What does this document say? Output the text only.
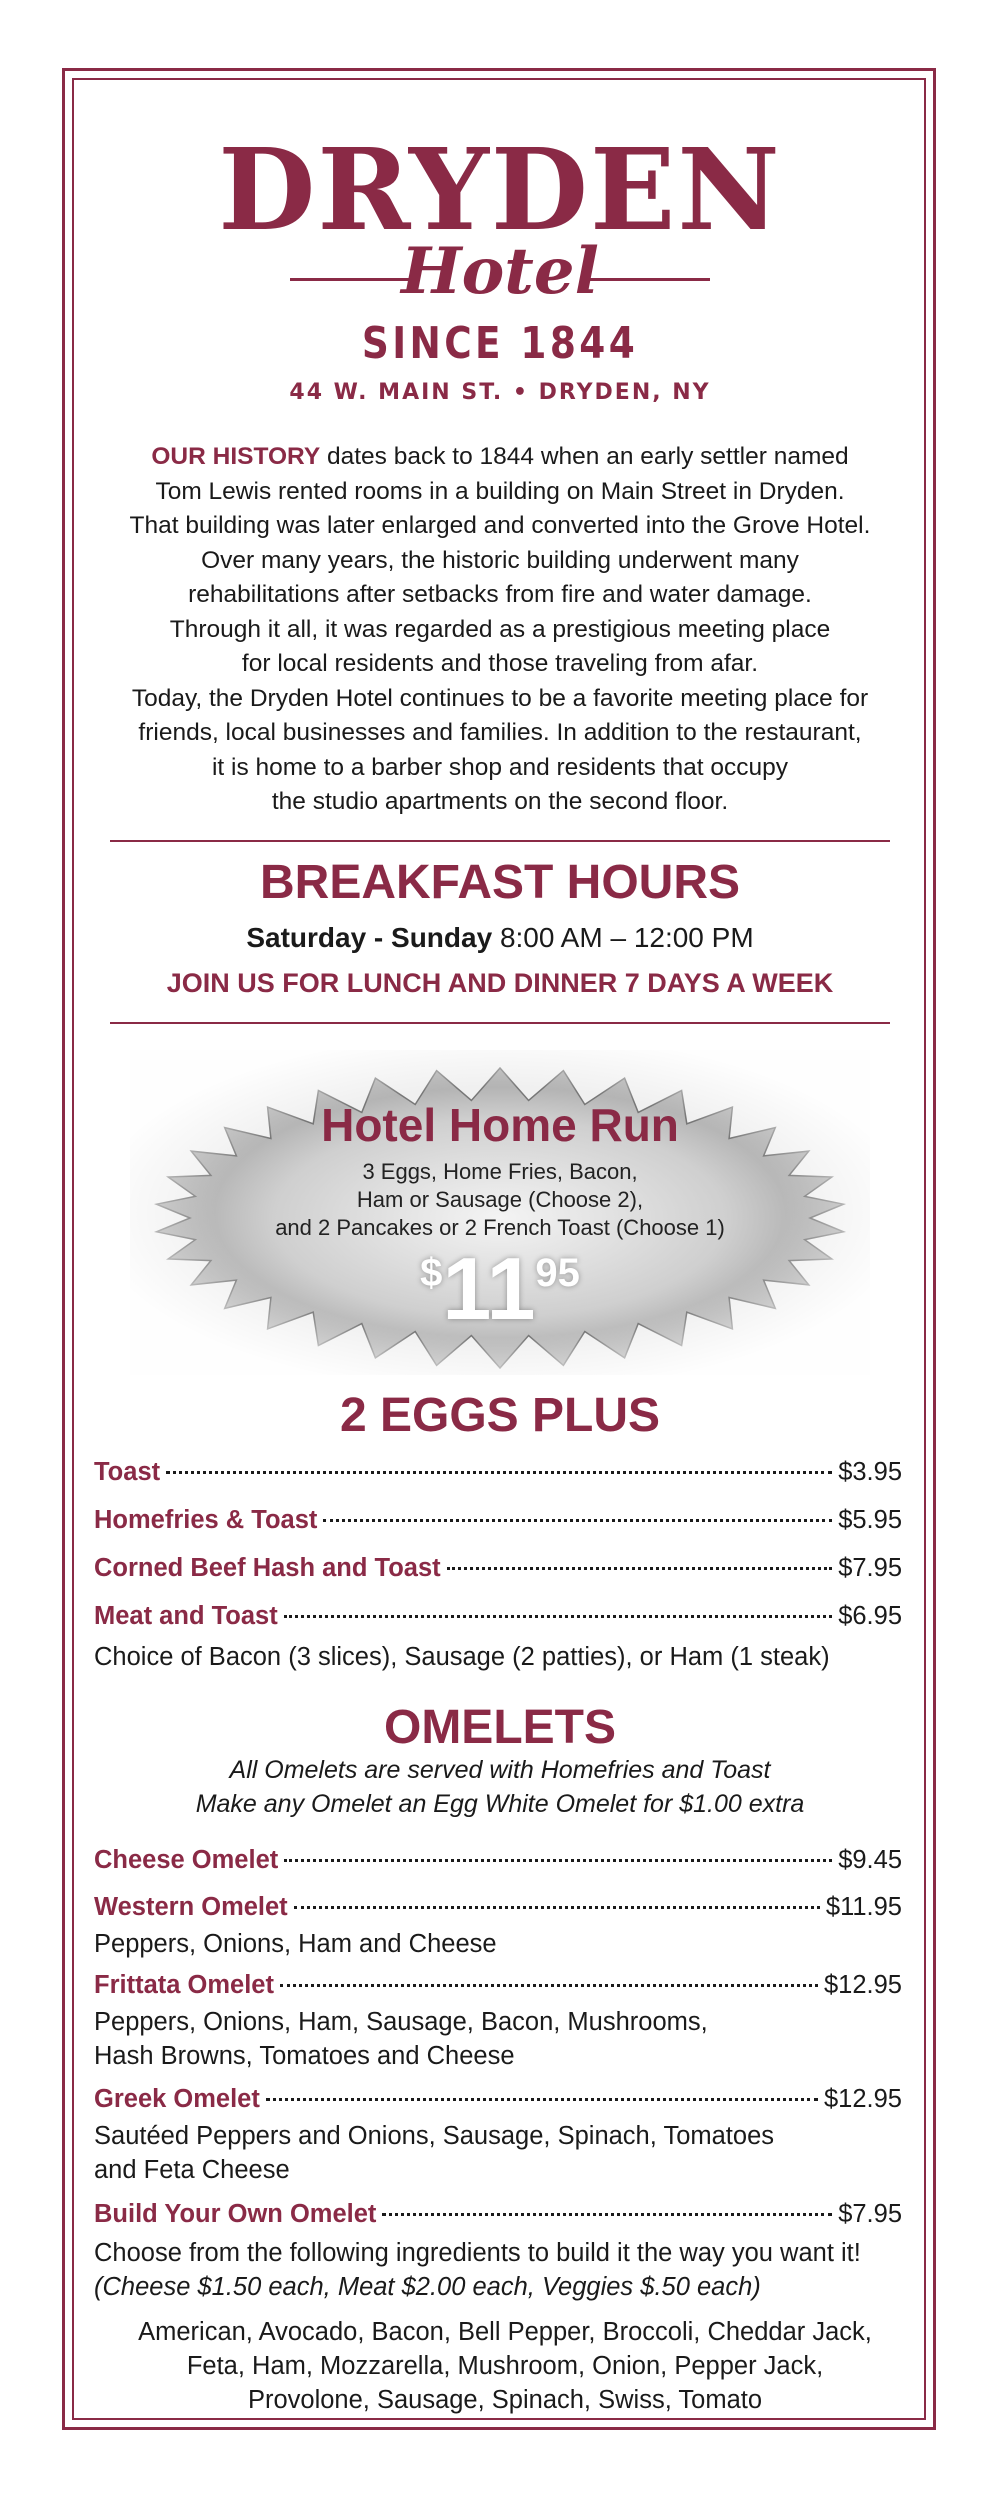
DRYDEN
Hotel
SINCE 1844
44 W. MAIN ST. • DRYDEN, NY
OUR HISTORY dates back to 1844 when an early settler named
Tom Lewis rented rooms in a building on Main Street in Dryden.
That building was later enlarged and converted into the Grove Hotel.
Over many years, the historic building underwent many
rehabilitations after setbacks from fire and water damage.
Through it all, it was regarded as a prestigious meeting place
for local residents and those traveling from afar.
Today, the Dryden Hotel continues to be a favorite meeting place for
friends, local businesses and families. In addition to the restaurant,
it is home to a barber shop and residents that occupy
the studio apartments on the second floor.
BREAKFAST HOURS
Saturday - Sunday 8:00 AM – 12:00 PM
JOIN US FOR LUNCH AND DINNER 7 DAYS A WEEK
Hotel Home Run
3 Eggs, Home Fries, Bacon,
Ham or Sausage (Choose 2),
and 2 Pancakes or 2 French Toast (Choose 1)
$1195
2 EGGS PLUS
Toast	$3.95
Homefries & Toast	$5.95
Corned Beef Hash and Toast	$7.95
Meat and Toast	$6.95
Choice of Bacon (3 slices), Sausage (2 patties), or Ham (1 steak)
OMELETS
All Omelets are served with Homefries and Toast
Make any Omelet an Egg White Omelet for $1.00 extra
Cheese Omelet	$9.45
Western Omelet	$11.95
Peppers, Onions, Ham and Cheese
Frittata Omelet	$12.95
Peppers, Onions, Ham, Sausage, Bacon, Mushrooms,
Hash Browns, Tomatoes and Cheese
Greek Omelet	$12.95
Sautéed Peppers and Onions, Sausage, Spinach, Tomatoes
and Feta Cheese
Build Your Own Omelet	$7.95
Choose from the following ingredients to build it the way you want it!
(Cheese $1.50 each, Meat $2.00 each, Veggies $.50 each)
American, Avocado, Bacon, Bell Pepper, Broccoli, Cheddar Jack,
Feta, Ham, Mozzarella, Mushroom, Onion, Pepper Jack,
Provolone, Sausage, Spinach, Swiss, Tomato
